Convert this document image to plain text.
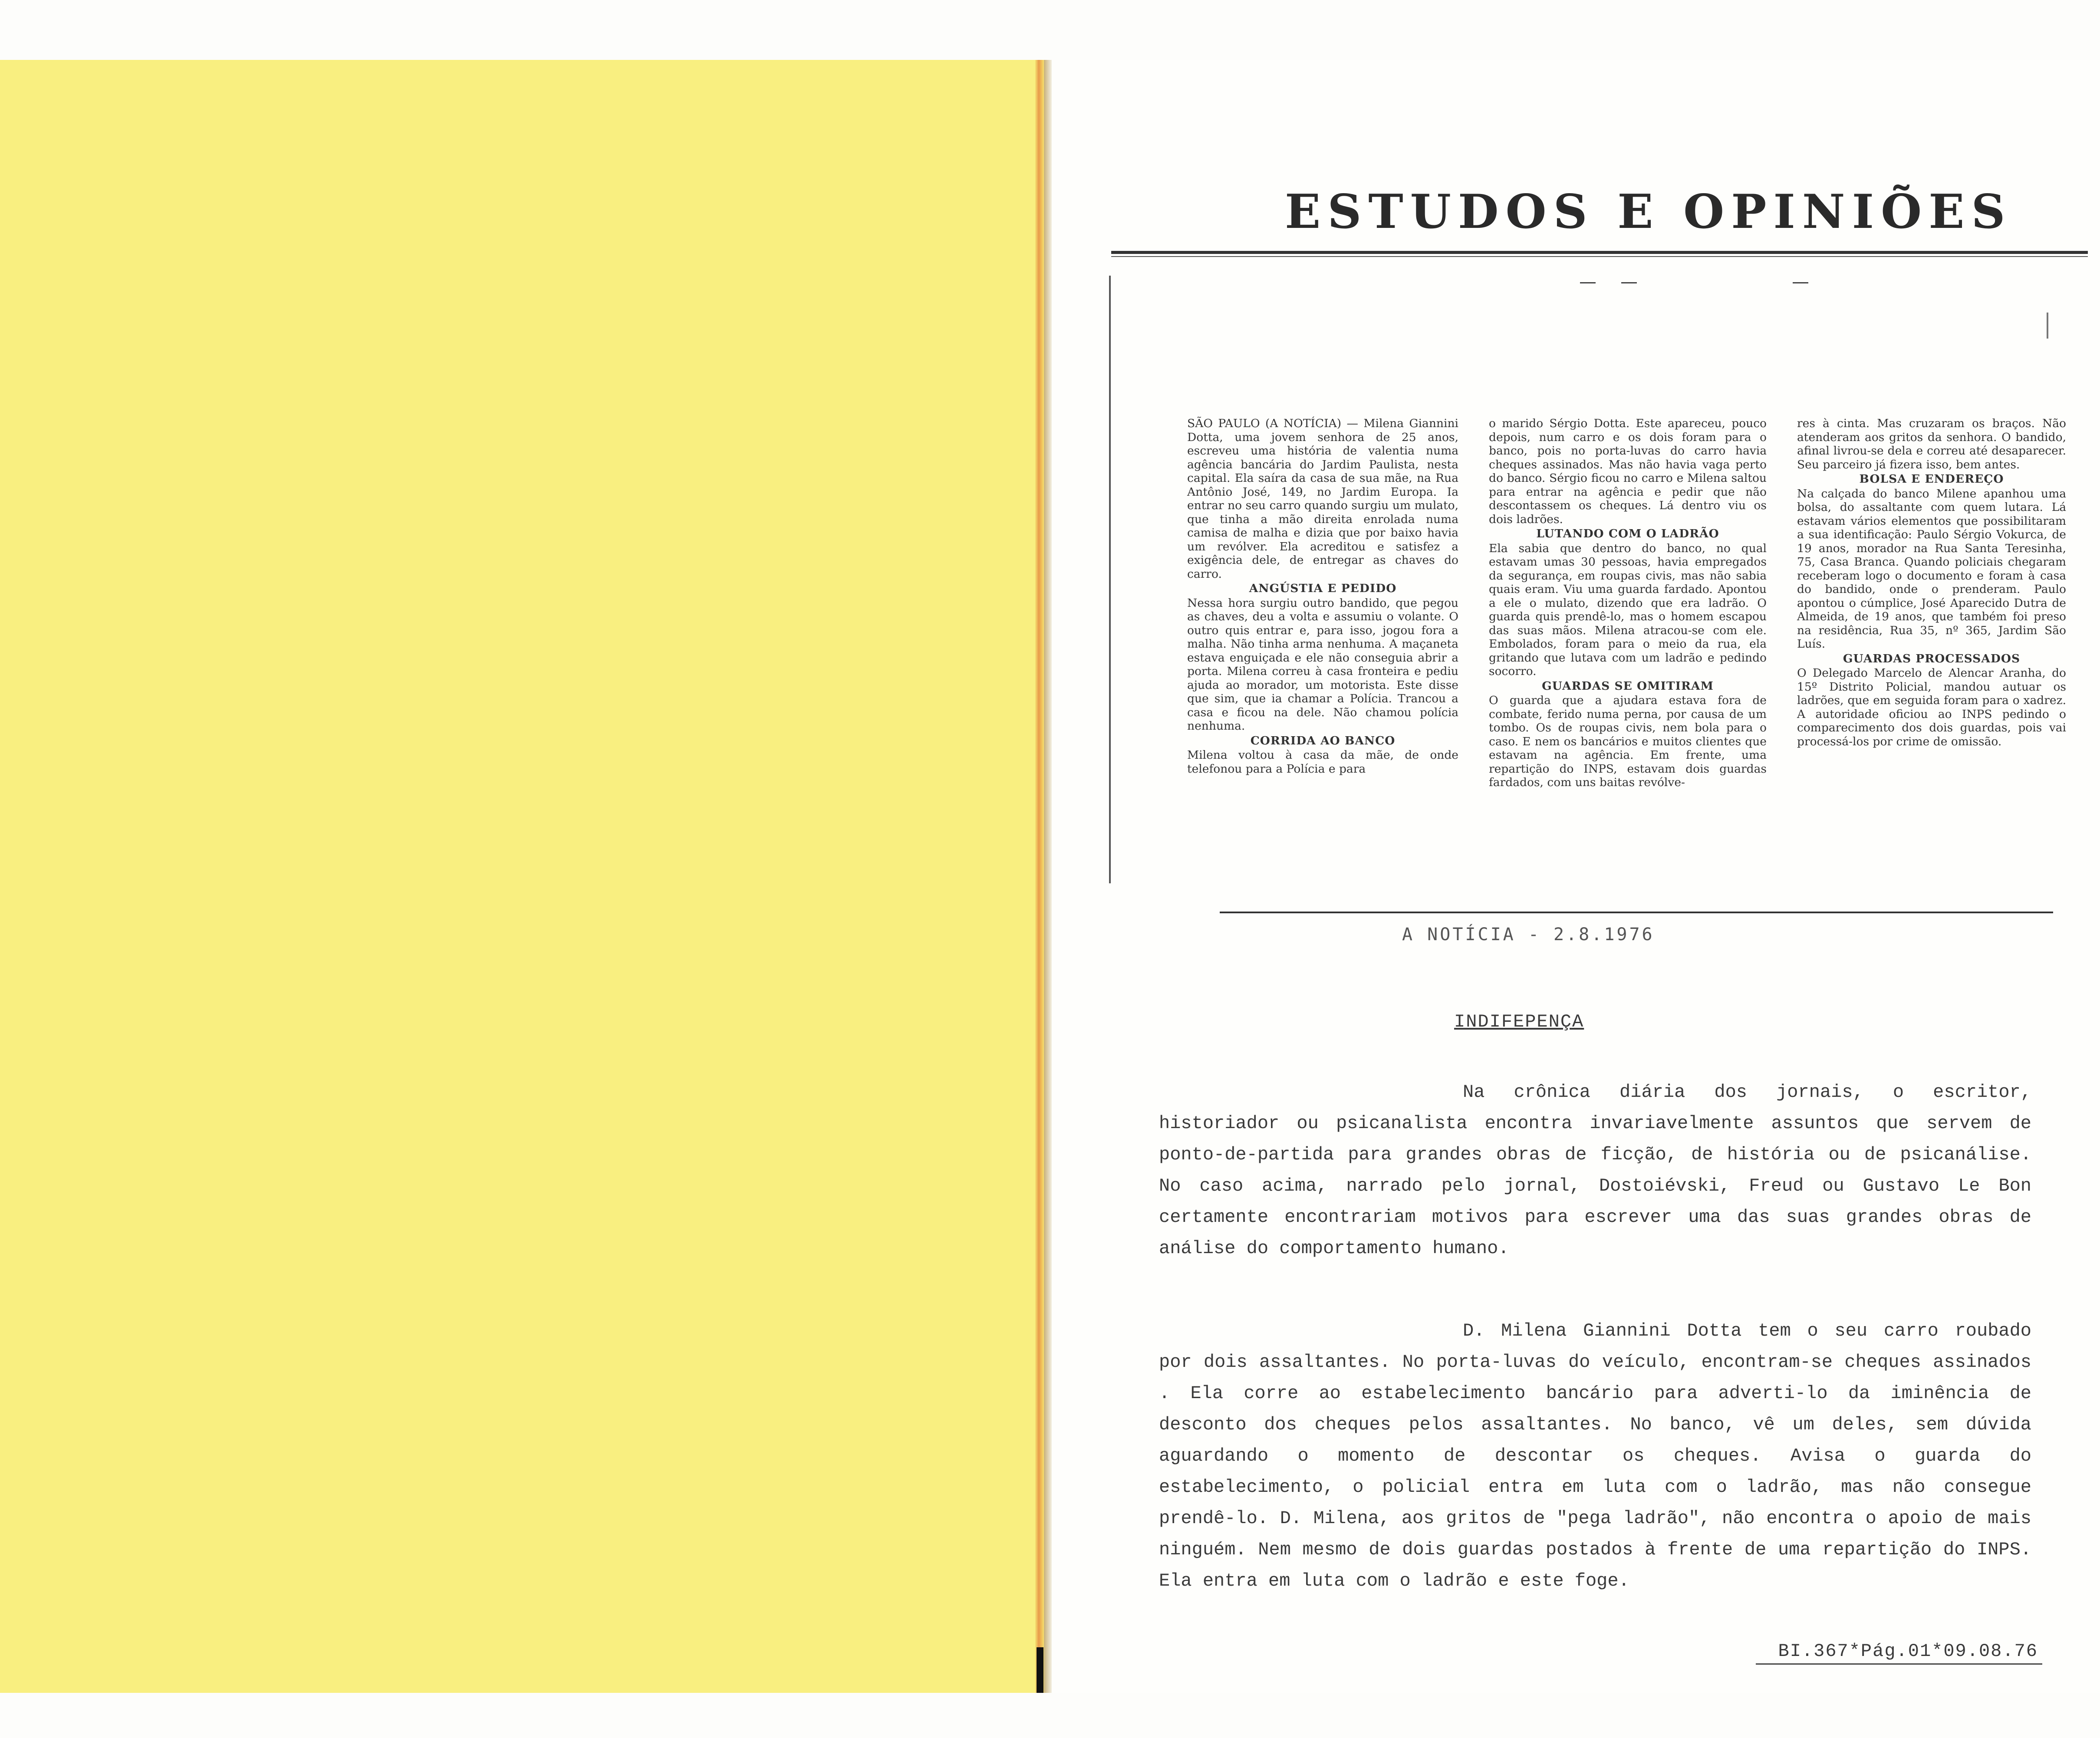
ESTUDOS E OPINIÕES

SÃO PAULO (A NOTÍCIA) — Milena Giannini Dotta, uma jovem senhora de 25 anos, escreveu uma história de valentia numa agência bancária do Jardim Paulista, nesta capital. Ela saíra da casa de sua mãe, na Rua Antônio José, 149, no Jardim Europa. Ia entrar no seu carro quando surgiu um mulato, que tinha a mão direita enrolada numa camisa de malha e dizia que por baixo havia um revólver. Ela acreditou e satisfez a exigência dele, de entregar as chaves do carro.

ANGÚSTIA E PEDIDO

Nessa hora surgiu outro bandido, que pegou as chaves, deu a volta e assumiu o volante. O outro quis entrar e, para isso, jogou fora a malha. Não tinha arma nenhuma. A maçaneta estava enguiçada e ele não conseguia abrir a porta. Milena correu à casa fronteira e pediu ajuda ao morador, um motorista. Este disse que sim, que ia chamar a Polícia. Trancou a casa e ficou na dele. Não chamou polícia nenhuma.

CORRIDA AO BANCO

Milena voltou à casa da mãe, de onde telefonou para a Polícia e para

o marido Sérgio Dotta. Este apareceu, pouco depois, num carro e os dois foram para o banco, pois no porta-luvas do carro havia cheques assinados. Mas não havia vaga perto do banco. Sérgio ficou no carro e Milena saltou para entrar na agência e pedir que não descontassem os cheques. Lá dentro viu os dois ladrões.

LUTANDO COM O LADRÃO

Ela sabia que dentro do banco, no qual estavam umas 30 pessoas, havia empregados da segurança, em roupas civis, mas não sabia quais eram. Viu uma guarda fardado. Apontou a ele o mulato, dizendo que era ladrão. O guarda quis prendê-lo, mas o homem escapou das suas mãos. Milena atracou-se com ele. Embolados, foram para o meio da rua, ela gritando que lutava com um ladrão e pedindo socorro.

GUARDAS SE OMITIRAM

O guarda que a ajudara estava fora de combate, ferido numa perna, por causa de um tombo. Os de roupas civis, nem bola para o caso. E nem os bancários e muitos clientes que estavam na agência. Em frente, uma repartição do INPS, estavam dois guardas fardados, com uns baitas revólve-

res à cinta. Mas cruzaram os braços. Não atenderam aos gritos da senhora. O bandido, afinal livrou-se dela e correu até desaparecer. Seu parceiro já fizera isso, bem antes.

BOLSA E ENDEREÇO

Na calçada do banco Milene apanhou uma bolsa, do assaltante com quem lutara. Lá estavam vários elementos que possibilitaram a sua identificação: Paulo Sérgio Vokurca, de 19 anos, morador na Rua Santa Teresinha, 75, Casa Branca. Quando policiais chegaram receberam logo o documento e foram à casa do bandido, onde o prenderam. Paulo apontou o cúmplice, José Aparecido Dutra de Almeida, de 19 anos, que também foi preso na residência, Rua 35, nº 365, Jardim São Luís.

GUARDAS PROCESSADOS

O Delegado Marcelo de Alencar Aranha, do 15º Distrito Policial, mandou autuar os ladrões, que em seguida foram para o xadrez. A autoridade oficiou ao INPS pedindo o comparecimento dos dois guardas, pois vai processá-los por crime de omissão.

A NOTÍCIA - 2.8.1976
INDIFEPENÇA

Na crônica diária dos jornais, o escritor, historiador ou psicanalista encontra invariavelmente assuntos que servem de ponto-de-partida para grandes obras de ficção, de história ou de psicanálise. No caso acima, narrado pelo jornal, Dostoiévski, Freud ou Gustavo Le Bon certamente encontrariam motivos para escrever uma das suas grandes obras de análise do comportamento humano.

D. Milena Giannini Dotta tem o seu carro roubado por dois assaltantes. No porta-luvas do veículo, encontram-se cheques assinados . Ela corre ao estabelecimento bancário para adverti-lo da iminência de desconto dos cheques pelos assaltantes. No banco, vê um deles, sem dúvida aguardando o momento de descontar os cheques. Avisa o guarda do estabelecimento, o policial entra em luta com o ladrão, mas não consegue prendê-lo. D. Milena, aos gritos de "pega ladrão", não encontra o apoio de mais ninguém. Nem mesmo de dois guardas postados à frente de uma repartição do INPS. Ela entra em luta com o ladrão e este foge.

BI.367*Pág.01*09.08.76
